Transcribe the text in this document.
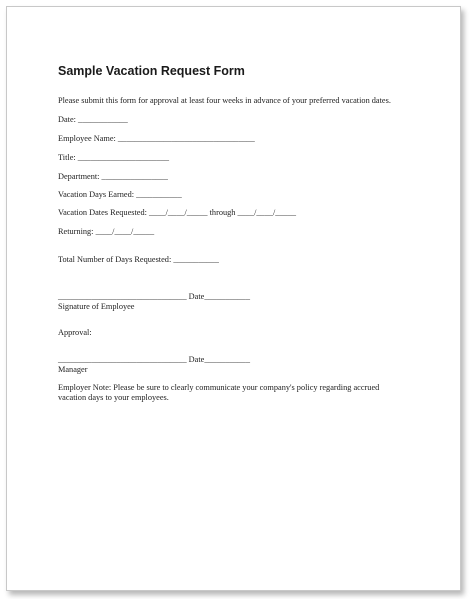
Sample Vacation Request Form
Please submit this form for approval at least four weeks in advance of your preferred vacation dates.
Date: ____________
Employee Name: _________________________________
Title: ______________________
Department: ________________
Vacation Days Earned: ___________
Vacation Dates Requested: ____/____/_____ through ____/____/_____
Returning: ____/____/_____
Total Number of Days Requested: ___________
_______________________________ Date___________
Signature of Employee
Approval:
_______________________________ Date___________
Manager
Employer Note: Please be sure to clearly communicate your company's policy regarding accrued vacation days to your employees.
